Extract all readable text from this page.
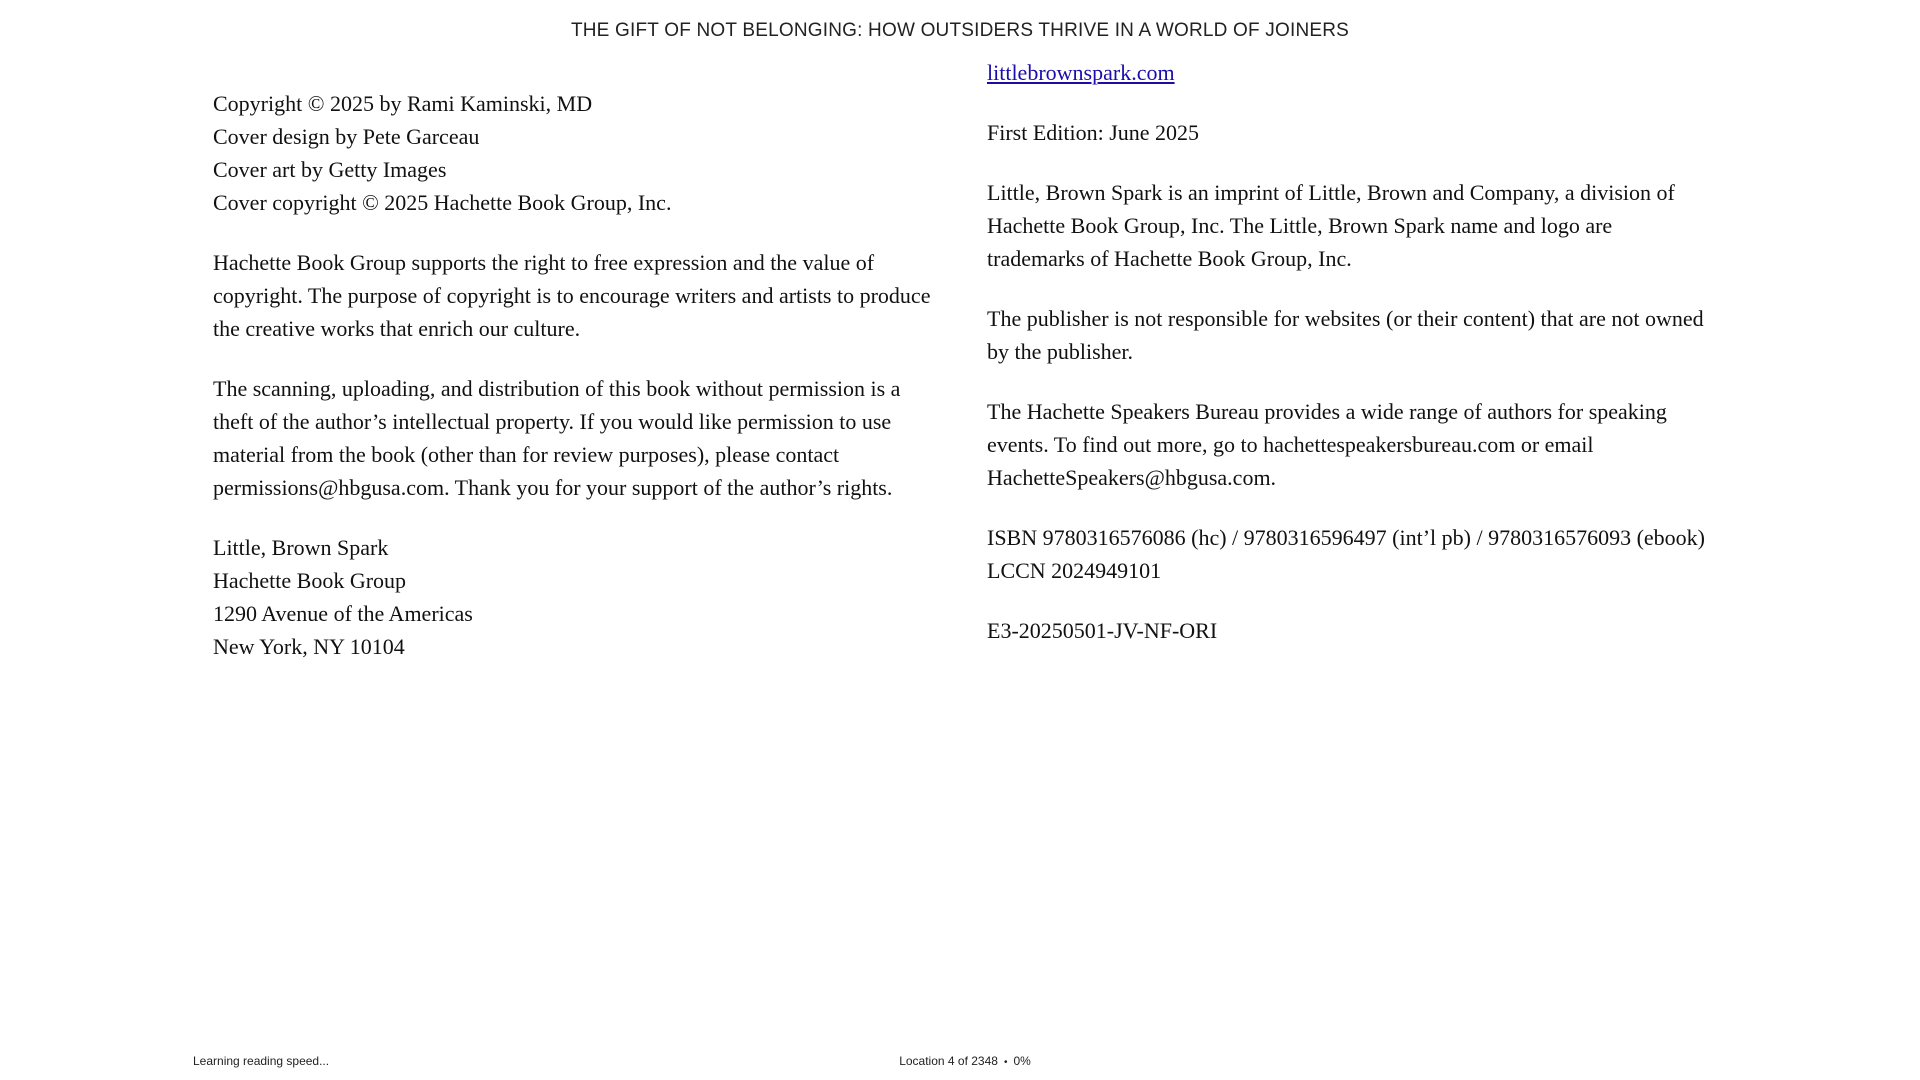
THE GIFT OF NOT BELONGING: HOW OUTSIDERS THRIVE IN A WORLD OF JOINERS

Copyright © 2025 by Rami Kaminski, MD
Cover design by Pete Garceau
Cover art by Getty Images
Cover copyright © 2025 Hachette Book Group, Inc.

Hachette Book Group supports the right to free expression and the value of copyright. The purpose of copyright is to encourage writers and artists to produce the creative works that enrich our culture.

The scanning, uploading, and distribution of this book without permission is a theft of the author’s intellectual property. If you would like permission to use material from the book (other than for review purposes), please contact permissions@hbgusa.com. Thank you for your support of the author’s rights.

Little, Brown Spark
Hachette Book Group
1290 Avenue of the Americas
New York, NY 10104

littlebrownspark.com

First Edition: June 2025

Little, Brown Spark is an imprint of Little, Brown and Company, a division of Hachette Book Group, Inc. The Little, Brown Spark name and logo are trademarks of Hachette Book Group, Inc.

The publisher is not responsible for websites (or their content) that are not owned by the publisher.

The Hachette Speakers Bureau provides a wide range of authors for speaking events. To find out more, go to hachettespeakersbureau.com or email HachetteSpeakers@hbgusa.com.

ISBN 9780316576086 (hc) / 9780316596497 (int’l pb) / 9780316576093 (ebook)
LCCN 2024949101

E3-20250501-JV-NF-ORI

Learning reading speed...	Location 4 of 2348 • 0%
